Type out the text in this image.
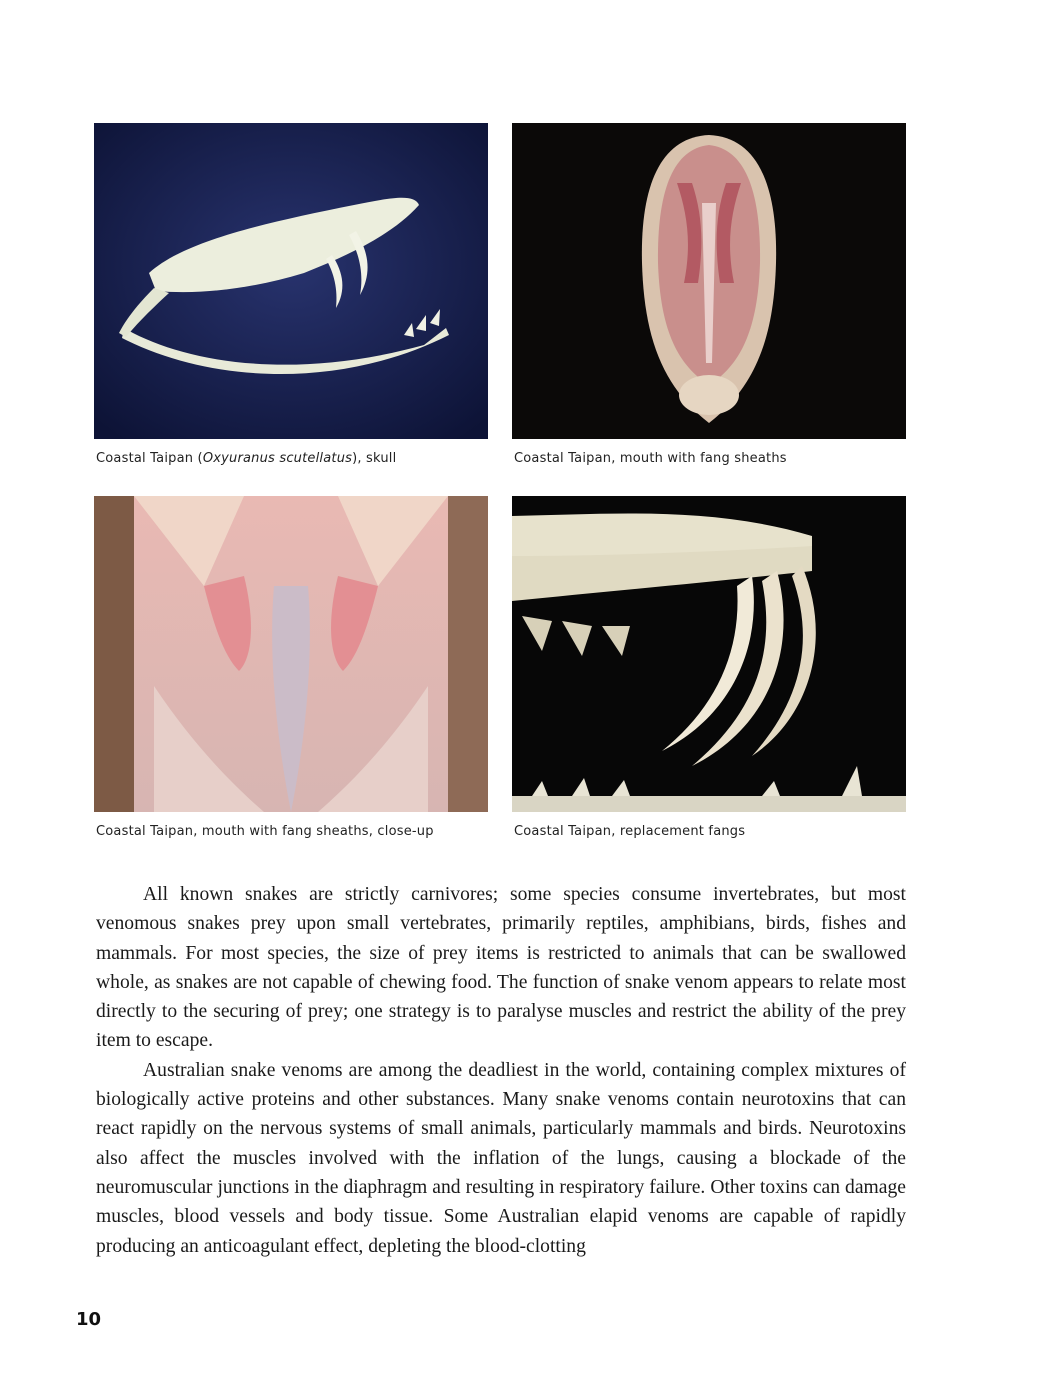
Coastal Taipan (Oxyuranus scutellatus), skull	Coastal Taipan, mouth with fang sheaths
Coastal Taipan, mouth with fang sheaths, close-up	Coastal Taipan, replacement fangs

All known snakes are strictly carnivores; some species consume invertebrates, but most venomous snakes prey upon small vertebrates, primarily reptiles, amphibians, birds, fishes and mammals. For most species, the size of prey items is restricted to animals that can be swallowed whole, as snakes are not capable of chewing food. The function of snake venom appears to relate most directly to the securing of prey; one strategy is to paralyse muscles and restrict the ability of the prey item to escape.

Australian snake venoms are among the deadliest in the world, containing complex mixtures of biologically active proteins and other substances. Many snake venoms contain neurotoxins that can react rapidly on the nervous systems of small animals, particularly mammals and birds. Neurotoxins also affect the muscles involved with the inflation of the lungs, causing a blockade of the neuromuscular junctions in the diaphragm and resulting in respiratory failure. Other toxins can damage muscles, blood vessels and body tissue. Some Australian elapid venoms are capable of rapidly producing an anticoagulant effect, depleting the blood-clotting

10
